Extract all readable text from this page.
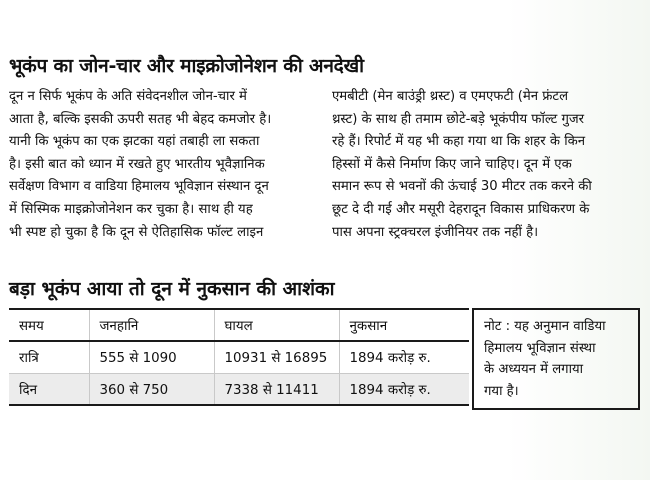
भूकंप का जोन-चार और माइक्रोजोनेशन की अनदेखी

दून न सिर्फ भूकंप के अति संवेदनशील जोन-चार में

आता है, बल्कि इसकी ऊपरी सतह भी बेहद कमजोर है।

यानी कि भूकंप का एक झटका यहां तबाही ला सकता

है। इसी बात को ध्यान में रखते हुए भारतीय भूवैज्ञानिक

सर्वेक्षण विभाग व वाडिया हिमालय भूविज्ञान संस्थान दून

में सिस्मिक माइक्रोजोनेशन कर चुका है। साथ ही यह

भी स्पष्ट हो चुका है कि दून से ऐतिहासिक फॉल्ट लाइन

एमबीटी (मेन बाउंड्री थ्रस्ट) व एमएफटी (मेन फ्रंटल

थ्रस्ट) के साथ ही तमाम छोटे-बड़े भूकंपीय फॉल्ट गुजर

रहे हैं। रिपोर्ट में यह भी कहा गया था कि शहर के किन

हिस्सों में कैसे निर्माण किए जाने चाहिए। दून में एक

समान रूप से भवनों की ऊंचाई 30 मीटर तक करने की

छूट दे दी गई और मसूरी देहरादून विकास प्राधिकरण के

पास अपना स्ट्रक्चरल इंजीनियर तक नहीं है।

बड़ा भूकंप आया तो दून में नुकसान की आशंका
समय	जनहानि	घायल	नुकसान
रात्रि	555 से 1090	10931 से 16895	1894 करोड़ रु.
दिन	360 से 750	7338 से 11411	1894 करोड़ रु.
नोट : यह अनुमान वाडिया
हिमालय भूविज्ञान संस्था
के अध्ययन में लगाया
गया है।
